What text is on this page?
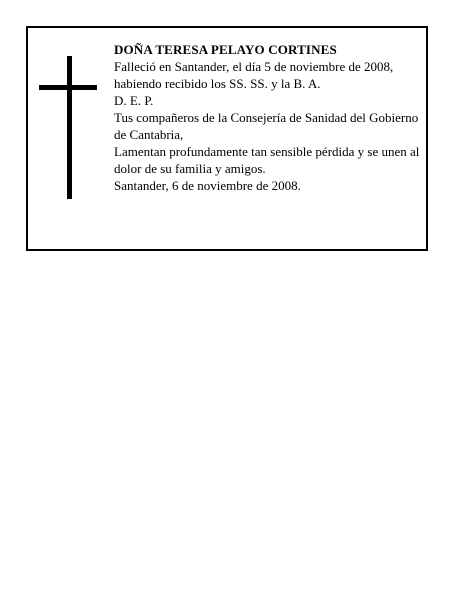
DOÑA TERESA PELAYO CORTINES

Falleció en Santander, el día 5 de noviembre de 2008, habiendo recibido los SS. SS. y la B. A.

D. E. P.

Tus compañeros de la Consejería de Sanidad del Gobierno de Cantabria,

Lamentan profundamente tan sensible pérdida y se unen al dolor de su familia y amigos.

Santander, 6 de noviembre de 2008.
